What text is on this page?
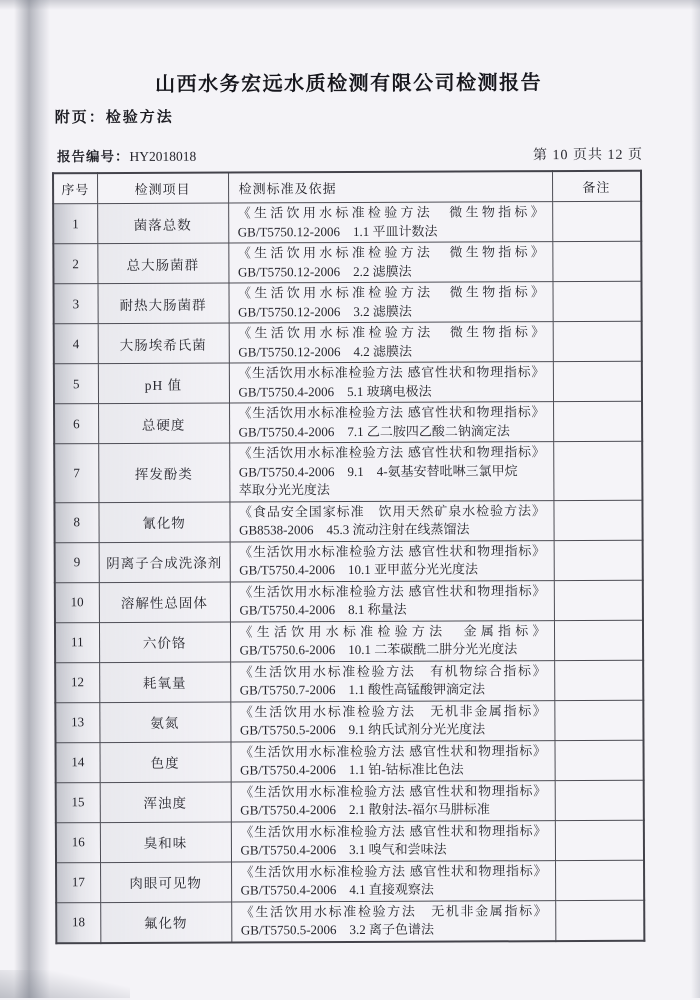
山西水务宏远水质检测有限公司检测报告
附页：检验方法
报告编号：HY2018018	第 10 页共 12 页
序号	检测项目	检测标准及依据	备注
1	菌落总数	《生活饮用水标准检验方法　微生物指标》
GB/T5750.12-2006　1.1 平皿计数法	

2	总大肠菌群	《生活饮用水标准检验方法　微生物指标》
GB/T5750.12-2006　2.2 滤膜法	

3	耐热大肠菌群	《生活饮用水标准检验方法　微生物指标》
GB/T5750.12-2006　3.2 滤膜法	

4	大肠埃希氏菌	《生活饮用水标准检验方法　微生物指标》
GB/T5750.12-2006　4.2 滤膜法	

5	pH 值	《生活饮用水标准检验方法 感官性状和物理指标》
GB/T5750.4-2006　5.1 玻璃电极法	

6	总硬度	《生活饮用水标准检验方法 感官性状和物理指标》
GB/T5750.4-2006　7.1 乙二胺四乙酸二钠滴定法	

7	挥发酚类	《生活饮用水标准检验方法 感官性状和物理指标》
GB/T5750.4-2006　9.1　4-氨基安替吡啉三氯甲烷
萃取分光光度法	

8	氰化物	《食品安全国家标准　饮用天然矿泉水检验方法》
GB8538-2006　45.3 流动注射在线蒸馏法	

9	阴离子合成洗涤剂	《生活饮用水标准检验方法 感官性状和物理指标》
GB/T5750.4-2006　10.1 亚甲蓝分光光度法	

10	溶解性总固体	《生活饮用水标准检验方法 感官性状和物理指标》
GB/T5750.4-2006　8.1 称量法	

11	六价铬	《生活饮用水标准检验方法　金属指标》
GB/T5750.6-2006　10.1 二苯碳酰二肼分光光度法	

12	耗氧量	《生活饮用水标准检验方法　有机物综合指标》
GB/T5750.7-2006　1.1 酸性高锰酸钾滴定法	

13	氨氮	《生活饮用水标准检验方法　无机非金属指标》
GB/T5750.5-2006　9.1 纳氏试剂分光光度法	

14	色度	《生活饮用水标准检验方法 感官性状和物理指标》
GB/T5750.4-2006　1.1 铂-钴标准比色法	

15	浑浊度	《生活饮用水标准检验方法 感官性状和物理指标》
GB/T5750.4-2006　2.1 散射法-福尔马肼标准	

16	臭和味	《生活饮用水标准检验方法 感官性状和物理指标》
GB/T5750.4-2006　3.1 嗅气和尝味法	

17	肉眼可见物	《生活饮用水标准检验方法 感官性状和物理指标》
GB/T5750.4-2006　4.1 直接观察法	

18	氟化物	《生活饮用水标准检验方法　无机非金属指标》
GB/T5750.5-2006　3.2 离子色谱法	
